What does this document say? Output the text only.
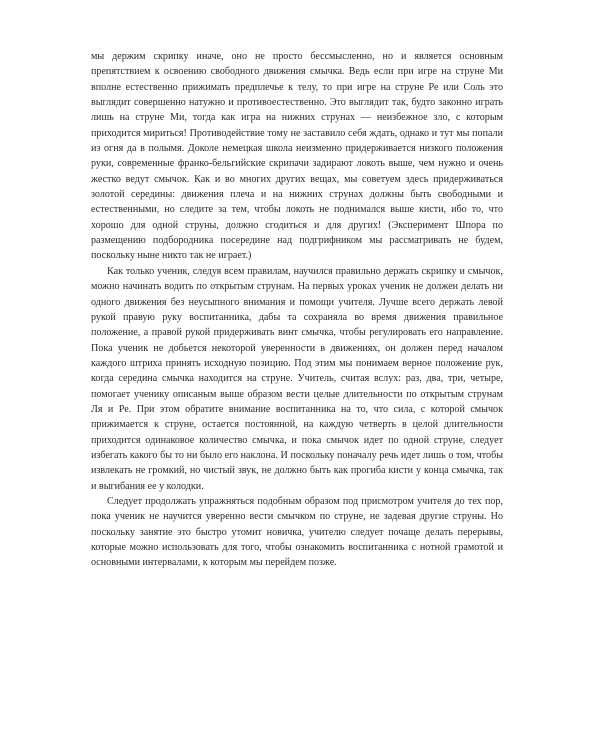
мы держим скрипку иначе, оно не просто бессмысленно, но и является основным препятствием к освоению свободного движения смычка. Ведь если при игре на струне Ми вполне естественно прижимать предплечье к телу, то при игре на струне Ре или Соль это выглядит совершенно натужно и противоестественно. Это выглядит так, будто законно играть лишь на струне Ми, тогда как игра на нижних струнах — неизбежное зло, с которым приходится мириться! Противодействие тому не заставило себя ждать, однако и тут мы попали из огня да в полымя. Доколе немецкая школа неизменно придерживается низкого положения руки, современные франко-бельгийские скрипачи задирают локоть выше, чем нужно и очень жестко ведут смычок. Как и во многих других вещах, мы советуем здесь придерживаться золотой середины: движения плеча и на нижних струнах должны быть свободными и естественными, но следите за тем, чтобы локоть не поднимался выше кисти, ибо то, что хорошо для одной струны, должно сгодиться и для других! (Эксперимент Шпора по размещению подбородника посередине над подгрифником мы рассматривать не будем, поскольку ныне никто так не играет.)

Как только ученик, следуя всем правилам, научился правильно держать скрипку и смычок, можно начинать водить по открытым струнам. На первых уроках ученик не должен делать ни одного движения без неусыпного внимания и помощи учителя. Лучше всего держать левой рукой правую руку воспитанника, дабы та сохраняла во время движения правильное положение, а правой рукой придерживать винт смычка, чтобы регулировать его направление. Пока ученик не добьется некоторой уверенности в движениях, он должен перед началом каждого штриха принять исходную позицию. Под этим мы понимаем верное положение рук, когда середина смычка находится на струне. Учитель, считая вслух: раз, два, три, четыре, помогает ученику описаным выше образом вести целые длительности по открытым струнам Ля и Ре. При этом обратите внимание воспитанника на то, что сила, с которой смычок прижимается к струне, остается постоянной, на каждую четверть в целой длительности приходится одинаковое количество смычка, и пока смычок идет по одной струне, следует избегать какого бы то ни было его наклона. И поскольку поначалу речь идет лишь о том, чтобы извлекать не громкий, но чистый звук, не должно быть как прогиба кисти у конца смычка, так и выгибания ее у колодки.

Следует продолжать упражняться подобным образом под присмотром учителя до тех пор, пока ученик не научится уверенно вести смычком по струне, не задевая другие струны. Но поскольку занятие это быстро утомит новичка, учителю следует почаще делать перерывы, которые можно использовать для того, чтобы ознакомить воспитанника с нотной грамотой и основными интервалами, к которым мы перейдем позже.
